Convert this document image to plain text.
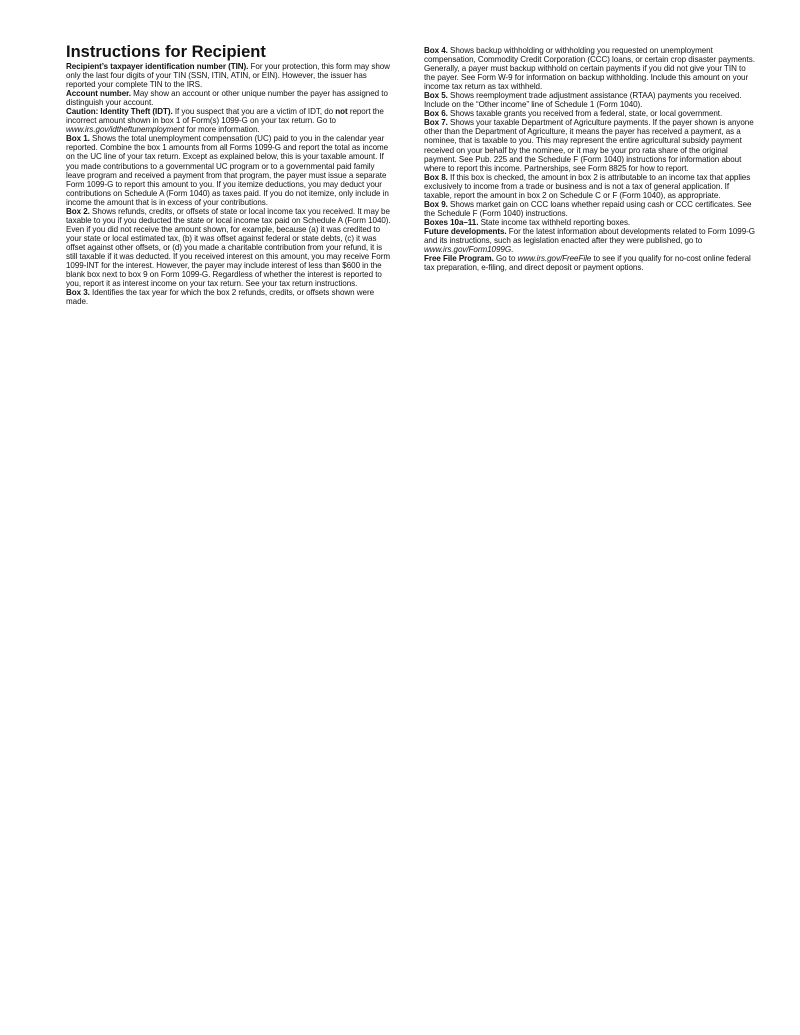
Instructions for Recipient

Recipient’s taxpayer identification number (TIN). For your protection, this form may show only the last four digits of your TIN (SSN, ITIN, ATIN, or EIN). However, the issuer has reported your complete TIN to the IRS.

Account number. May show an account or other unique number the payer has assigned to distinguish your account.

Caution: Identity Theft (IDT). If you suspect that you are a victim of IDT, do not report the incorrect amount shown in box 1 of Form(s) 1099-G on your tax return. Go to www.irs.gov/idtheftunemployment for more information.

Box 1. Shows the total unemployment compensation (UC) paid to you in the calendar year reported. Combine the box 1 amounts from all Forms 1099-G and report the total as income on the UC line of your tax return. Except as explained below, this is your taxable amount. If you made contributions to a governmental UC program or to a governmental paid family leave program and received a payment from that program, the payer must issue a separate Form 1099-G to report this amount to you. If you itemize deductions, you may deduct your contributions on Schedule A (Form 1040) as taxes paid. If you do not itemize, only include in income the amount that is in excess of your contributions.

Box 2. Shows refunds, credits, or offsets of state or local income tax you received. It may be taxable to you if you deducted the state or local income tax paid on Schedule A (Form 1040). Even if you did not receive the amount shown, for example, because (a) it was credited to your state or local estimated tax, (b) it was offset against federal or state debts, (c) it was offset against other offsets, or (d) you made a charitable contribution from your refund, it is still taxable if it was deducted. If you received interest on this amount, you may receive Form 1099-INT for the interest. However, the payer may include interest of less than $600 in the blank box next to box 9 on Form 1099-G. Regardless of whether the interest is reported to you, report it as interest income on your tax return. See your tax return instructions.

Box 3. Identifies the tax year for which the box 2 refunds, credits, or offsets shown were made.

Box 4. Shows backup withholding or withholding you requested on unemployment compensation, Commodity Credit Corporation (CCC) loans, or certain crop disaster payments. Generally, a payer must backup withhold on certain payments if you did not give your TIN to the payer. See Form W-9 for information on backup withholding. Include this amount on your income tax return as tax withheld.

Box 5. Shows reemployment trade adjustment assistance (RTAA) payments you received. Include on the “Other income” line of Schedule 1 (Form 1040).

Box 6. Shows taxable grants you received from a federal, state, or local government.

Box 7. Shows your taxable Department of Agriculture payments. If the payer shown is anyone other than the Department of Agriculture, it means the payer has received a payment, as a nominee, that is taxable to you. This may represent the entire agricultural subsidy payment received on your behalf by the nominee, or it may be your pro rata share of the original payment. See Pub. 225 and the Schedule F (Form 1040) instructions for information about where to report this income. Partnerships, see Form 8825 for how to report.

Box 8. If this box is checked, the amount in box 2 is attributable to an income tax that applies exclusively to income from a trade or business and is not a tax of general application. If taxable, report the amount in box 2 on Schedule C or F (Form 1040), as appropriate.

Box 9. Shows market gain on CCC loans whether repaid using cash or CCC certificates. See the Schedule F (Form 1040) instructions.

Boxes 10a–11. State income tax withheld reporting boxes.

Future developments. For the latest information about developments related to Form 1099-G and its instructions, such as legislation enacted after they were published, go to www.irs.gov/Form1099G.

Free File Program. Go to www.irs.gov/FreeFile to see if you qualify for no-cost online federal tax preparation, e-filing, and direct deposit or payment options.
